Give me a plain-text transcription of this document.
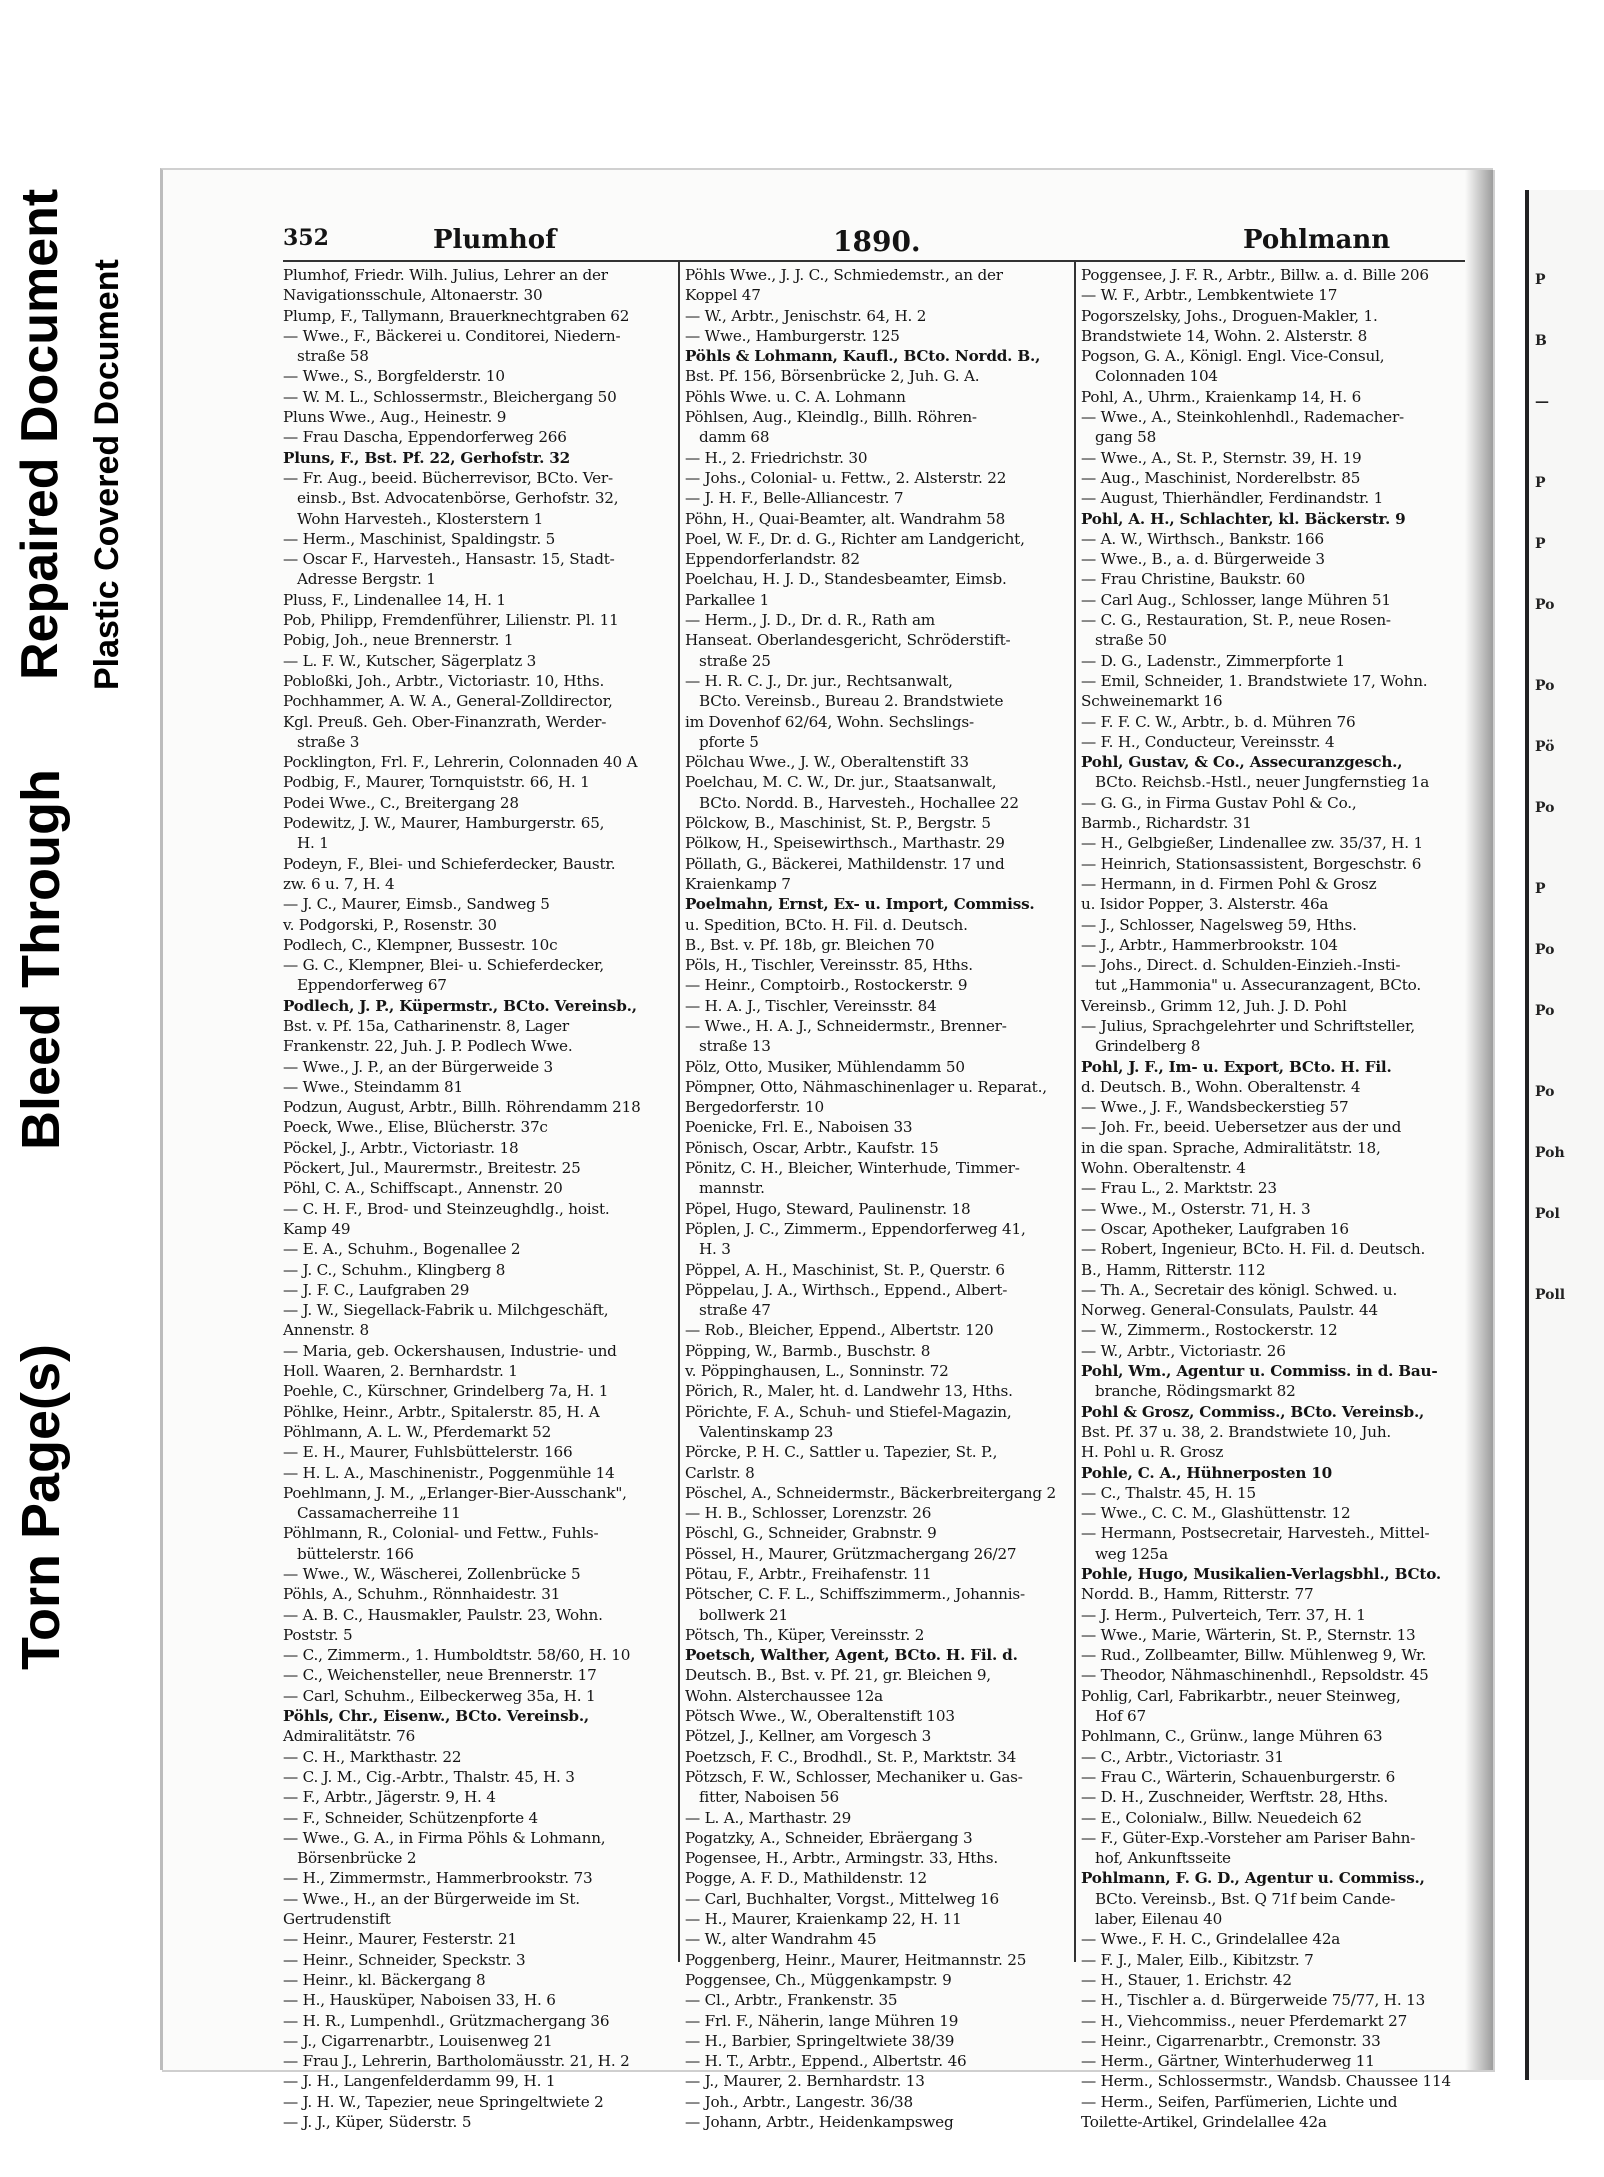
Torn Page(s)
Bleed Through
Repaired Document Plastic Covered Document
352	Plumhof	1890.	Pohlmann
Plumhof, Friedr. Wilh. Julius, Lehrer an der
Navigationsschule, Altonaerstr. 30
Plump, F., Tallymann, Brauerknechtgraben 62
— Wwe., F., Bäckerei u. Conditorei, Niedern-
straße 58
— Wwe., S., Borgfelderstr. 10
— W. M. L., Schlossermstr., Bleichergang 50
Pluns Wwe., Aug., Heinestr. 9
— Frau Dascha, Eppendorferweg 266
Pluns, F., Bst. Pf. 22, Gerhofstr. 32
— Fr. Aug., beeid. Bücherrevisor, BCto. Ver-
einsb., Bst. Advocatenbörse, Gerhofstr. 32,
Wohn Harvesteh., Klosterstern 1
— Herm., Maschinist, Spaldingstr. 5
— Oscar F., Harvesteh., Hansastr. 15, Stadt-
Adresse Bergstr. 1
Pluss, F., Lindenallee 14, H. 1
Pob, Philipp, Fremdenführer, Lilienstr. Pl. 11
Pobig, Joh., neue Brennerstr. 1
— L. F. W., Kutscher, Sägerplatz 3
Pobloßki, Joh., Arbtr., Victoriastr. 10, Hths.
Pochhammer, A. W. A., General-Zolldirector,
Kgl. Preuß. Geh. Ober-Finanzrath, Werder-
straße 3
Pocklington, Frl. F., Lehrerin, Colonnaden 40 A
Podbig, F., Maurer, Tornquiststr. 66, H. 1
Podei Wwe., C., Breitergang 28
Podewitz, J. W., Maurer, Hamburgerstr. 65,
H. 1
Podeyn, F., Blei- und Schieferdecker, Baustr.
zw. 6 u. 7, H. 4
— J. C., Maurer, Eimsb., Sandweg 5
v. Podgorski, P., Rosenstr. 30
Podlech, C., Klempner, Bussestr. 10c
— G. C., Klempner, Blei- u. Schieferdecker,
Eppendorferweg 67
Podlech, J. P., Küpermstr., BCto. Vereinsb.,
Bst. v. Pf. 15a, Catharinenstr. 8, Lager
Frankenstr. 22, Juh. J. P. Podlech Wwe.
— Wwe., J. P., an der Bürgerweide 3
— Wwe., Steindamm 81
Podzun, August, Arbtr., Billh. Röhrendamm 218
Poeck, Wwe., Elise, Blücherstr. 37c
Pöckel, J., Arbtr., Victoriastr. 18
Pöckert, Jul., Maurermstr., Breitestr. 25
Pöhl, C. A., Schiffscapt., Annenstr. 20
— C. H. F., Brod- und Steinzeughdlg., hoist.
Kamp 49
— E. A., Schuhm., Bogenallee 2
— J. C., Schuhm., Klingberg 8
— J. F. C., Laufgraben 29
— J. W., Siegellack-Fabrik u. Milchgeschäft,
Annenstr. 8
— Maria, geb. Ockershausen, Industrie- und
Holl. Waaren, 2. Bernhardstr. 1
Poehle, C., Kürschner, Grindelberg 7a, H. 1
Pöhlke, Heinr., Arbtr., Spitalerstr. 85, H. A
Pöhlmann, A. L. W., Pferdemarkt 52
— E. H., Maurer, Fuhlsbüttelerstr. 166
— H. L. A., Maschinenistr., Poggenmühle 14
Poehlmann, J. M., „Erlanger-Bier-Ausschank",
Cassamacherreihe 11
Pöhlmann, R., Colonial- und Fettw., Fuhls-
büttelerstr. 166
— Wwe., W., Wäscherei, Zollenbrücke 5
Pöhls, A., Schuhm., Rönnhaidestr. 31
— A. B. C., Hausmakler, Paulstr. 23, Wohn.
Poststr. 5
— C., Zimmerm., 1. Humboldtstr. 58/60, H. 10
— C., Weichensteller, neue Brennerstr. 17
— Carl, Schuhm., Eilbeckerweg 35a, H. 1
Pöhls, Chr., Eisenw., BCto. Vereinsb.,
Admiralitätstr. 76
— C. H., Markthastr. 22
— C. J. M., Cig.-Arbtr., Thalstr. 45, H. 3
— F., Arbtr., Jägerstr. 9, H. 4
— F., Schneider, Schützenpforte 4
— Wwe., G. A., in Firma Pöhls & Lohmann,
Börsenbrücke 2
— H., Zimmermstr., Hammerbrookstr. 73
— Wwe., H., an der Bürgerweide im St.
Gertrudenstift
— Heinr., Maurer, Festerstr. 21
— Heinr., Schneider, Speckstr. 3
— Heinr., kl. Bäckergang 8
— H., Hausküper, Naboisen 33, H. 6
— H. R., Lumpenhdl., Grützmachergang 36
— J., Cigarrenarbtr., Louisenweg 21
— Frau J., Lehrerin, Bartholomäusstr. 21, H. 2
— J. H., Langenfelderdamm 99, H. 1
— J. H. W., Tapezier, neue Springeltwiete 2
— J. J., Küper, Süderstr. 5
Pöhls Wwe., J. J. C., Schmiedemstr., an der
Koppel 47
— W., Arbtr., Jenischstr. 64, H. 2
— Wwe., Hamburgerstr. 125
Pöhls & Lohmann, Kaufl., BCto. Nordd. B.,
Bst. Pf. 156, Börsenbrücke 2, Juh. G. A.
Pöhls Wwe. u. C. A. Lohmann
Pöhlsen, Aug., Kleindlg., Billh. Röhren-
damm 68
— H., 2. Friedrichstr. 30
— Johs., Colonial- u. Fettw., 2. Alsterstr. 22
— J. H. F., Belle-Alliancestr. 7
Pöhn, H., Quai-Beamter, alt. Wandrahm 58
Poel, W. F., Dr. d. G., Richter am Landgericht,
Eppendorferlandstr. 82
Poelchau, H. J. D., Standesbeamter, Eimsb.
Parkallee 1
— Herm., J. D., Dr. d. R., Rath am
Hanseat. Oberlandesgericht, Schröderstift-
straße 25
— H. R. C. J., Dr. jur., Rechtsanwalt,
BCto. Vereinsb., Bureau 2. Brandstwiete
im Dovenhof 62/64, Wohn. Sechslings-
pforte 5
Pölchau Wwe., J. W., Oberaltenstift 33
Poelchau, M. C. W., Dr. jur., Staatsanwalt,
BCto. Nordd. B., Harvesteh., Hochallee 22
Pölckow, B., Maschinist, St. P., Bergstr. 5
Pölkow, H., Speisewirthsch., Marthastr. 29
Pöllath, G., Bäckerei, Mathildenstr. 17 und
Kraienkamp 7
Poelmahn, Ernst, Ex- u. Import, Commiss.
u. Spedition, BCto. H. Fil. d. Deutsch.
B., Bst. v. Pf. 18b, gr. Bleichen 70
Pöls, H., Tischler, Vereinsstr. 85, Hths.
— Heinr., Comptoirb., Rostockerstr. 9
— H. A. J., Tischler, Vereinsstr. 84
— Wwe., H. A. J., Schneidermstr., Brenner-
straße 13
Pölz, Otto, Musiker, Mühlendamm 50
Pömpner, Otto, Nähmaschinenlager u. Reparat.,
Bergedorferstr. 10
Poenicke, Frl. E., Naboisen 33
Pönisch, Oscar, Arbtr., Kaufstr. 15
Pönitz, C. H., Bleicher, Winterhude, Timmer-
mannstr.
Pöpel, Hugo, Steward, Paulinenstr. 18
Pöplen, J. C., Zimmerm., Eppendorferweg 41,
H. 3
Pöppel, A. H., Maschinist, St. P., Querstr. 6
Pöppelau, J. A., Wirthsch., Eppend., Albert-
straße 47
— Rob., Bleicher, Eppend., Albertstr. 120
Pöpping, W., Barmb., Buschstr. 8
v. Pöppinghausen, L., Sonninstr. 72
Pörich, R., Maler, ht. d. Landwehr 13, Hths.
Pörichte, F. A., Schuh- und Stiefel-Magazin,
Valentinskamp 23
Pörcke, P. H. C., Sattler u. Tapezier, St. P.,
Carlstr. 8
Pöschel, A., Schneidermstr., Bäckerbreitergang 2
— H. B., Schlosser, Lorenzstr. 26
Pöschl, G., Schneider, Grabnstr. 9
Pössel, H., Maurer, Grützmachergang 26/27
Pötau, F., Arbtr., Freihafenstr. 11
Pötscher, C. F. L., Schiffszimmerm., Johannis-
bollwerk 21
Pötsch, Th., Küper, Vereinsstr. 2
Poetsch, Walther, Agent, BCto. H. Fil. d.
Deutsch. B., Bst. v. Pf. 21, gr. Bleichen 9,
Wohn. Alsterchaussee 12a
Pötsch Wwe., W., Oberaltenstift 103
Pötzel, J., Kellner, am Vorgesch 3
Poetzsch, F. C., Brodhdl., St. P., Marktstr. 34
Pötzsch, F. W., Schlosser, Mechaniker u. Gas-
fitter, Naboisen 56
— L. A., Marthastr. 29
Pogatzky, A., Schneider, Ebräergang 3
Pogensee, H., Arbtr., Armingstr. 33, Hths.
Pogge, A. F. D., Mathildenstr. 12
— Carl, Buchhalter, Vorgst., Mittelweg 16
— H., Maurer, Kraienkamp 22, H. 11
— W., alter Wandrahm 45
Poggenberg, Heinr., Maurer, Heitmannstr. 25
Poggensee, Ch., Müggenkampstr. 9
— Cl., Arbtr., Frankenstr. 35
— Frl. F., Näherin, lange Mühren 19
— H., Barbier, Springeltwiete 38/39
— H. T., Arbtr., Eppend., Albertstr. 46
— J., Maurer, 2. Bernhardstr. 13
— Joh., Arbtr., Langestr. 36/38
— Johann, Arbtr., Heidenkampsweg
Poggensee, J. F. R., Arbtr., Billw. a. d. Bille 206
— W. F., Arbtr., Lembkentwiete 17
Pogorszelsky, Johs., Droguen-Makler, 1.
Brandstwiete 14, Wohn. 2. Alsterstr. 8
Pogson, G. A., Königl. Engl. Vice-Consul,
Colonnaden 104
Pohl, A., Uhrm., Kraienkamp 14, H. 6
— Wwe., A., Steinkohlenhdl., Rademacher-
gang 58
— Wwe., A., St. P., Sternstr. 39, H. 19
— Aug., Maschinist, Norderelbstr. 85
— August, Thierhändler, Ferdinandstr. 1
Pohl, A. H., Schlachter, kl. Bäckerstr. 9
— A. W., Wirthsch., Bankstr. 166
— Wwe., B., a. d. Bürgerweide 3
— Frau Christine, Baukstr. 60
— Carl Aug., Schlosser, lange Mühren 51
— C. G., Restauration, St. P., neue Rosen-
straße 50
— D. G., Ladenstr., Zimmerpforte 1
— Emil, Schneider, 1. Brandstwiete 17, Wohn.
Schweinemarkt 16
— F. F. C. W., Arbtr., b. d. Mühren 76
— F. H., Conducteur, Vereinsstr. 4
Pohl, Gustav, & Co., Assecuranzgesch.,
BCto. Reichsb.-Hstl., neuer Jungfernstieg 1a
— G. G., in Firma Gustav Pohl & Co.,
Barmb., Richardstr. 31
— H., Gelbgießer, Lindenallee zw. 35/37, H. 1
— Heinrich, Stationsassistent, Borgeschstr. 6
— Hermann, in d. Firmen Pohl & Grosz
u. Isidor Popper, 3. Alsterstr. 46a
— J., Schlosser, Nagelsweg 59, Hths.
— J., Arbtr., Hammerbrookstr. 104
— Johs., Direct. d. Schulden-Einzieh.-Insti-
tut „Hammonia" u. Assecuranzagent, BCto.
Vereinsb., Grimm 12, Juh. J. D. Pohl
— Julius, Sprachgelehrter und Schriftsteller,
Grindelberg 8
Pohl, J. F., Im- u. Export, BCto. H. Fil.
d. Deutsch. B., Wohn. Oberaltenstr. 4
— Wwe., J. F., Wandsbeckerstieg 57
— Joh. Fr., beeid. Uebersetzer aus der und
in die span. Sprache, Admiralitätstr. 18,
Wohn. Oberaltenstr. 4
— Frau L., 2. Marktstr. 23
— Wwe., M., Osterstr. 71, H. 3
— Oscar, Apotheker, Laufgraben 16
— Robert, Ingenieur, BCto. H. Fil. d. Deutsch.
B., Hamm, Ritterstr. 112
— Th. A., Secretair des königl. Schwed. u.
Norweg. General-Consulats, Paulstr. 44
— W., Zimmerm., Rostockerstr. 12
— W., Arbtr., Victoriastr. 26
Pohl, Wm., Agentur u. Commiss. in d. Bau-
branche, Rödingsmarkt 82
Pohl & Grosz, Commiss., BCto. Vereinsb.,
Bst. Pf. 37 u. 38, 2. Brandstwiete 10, Juh.
H. Pohl u. R. Grosz
Pohle, C. A., Hühnerposten 10
— C., Thalstr. 45, H. 15
— Wwe., C. C. M., Glashüttenstr. 12
— Hermann, Postsecretair, Harvesteh., Mittel-
weg 125a
Pohle, Hugo, Musikalien-Verlagsbhl., BCto.
Nordd. B., Hamm, Ritterstr. 77
— J. Herm., Pulverteich, Terr. 37, H. 1
— Wwe., Marie, Wärterin, St. P., Sternstr. 13
— Rud., Zollbeamter, Billw. Mühlenweg 9, Wr.
— Theodor, Nähmaschinenhdl., Repsoldstr. 45
Pohlig, Carl, Fabrikarbtr., neuer Steinweg,
Hof 67
Pohlmann, C., Grünw., lange Mühren 63
— C., Arbtr., Victoriastr. 31
— Frau C., Wärterin, Schauenburgerstr. 6
— D. H., Zuschneider, Werftstr. 28, Hths.
— E., Colonialw., Billw. Neuedeich 62
— F., Güter-Exp.-Vorsteher am Pariser Bahn-
hof, Ankunftsseite
Pohlmann, F. G. D., Agentur u. Commiss.,
BCto. Vereinsb., Bst. Q 71f beim Cande-
laber, Eilenau 40
— Wwe., F. H. C., Grindelallee 42a
— F. J., Maler, Eilb., Kibitzstr. 7
— H., Stauer, 1. Erichstr. 42
— H., Tischler a. d. Bürgerweide 75/77, H. 13
— H., Viehcommiss., neuer Pferdemarkt 27
— Heinr., Cigarrenarbtr., Cremonstr. 33
— Herm., Gärtner, Winterhuderweg 11
— Herm., Schlossermstr., Wandsb. Chaussee 114
— Herm., Seifen, Parfümerien, Lichte und
Toilette-Artikel, Grindelallee 42a
P
B
—
P
P
Po
Po
Pö
Po
P
Po
Po
Po
Poh
Pol
Poll
